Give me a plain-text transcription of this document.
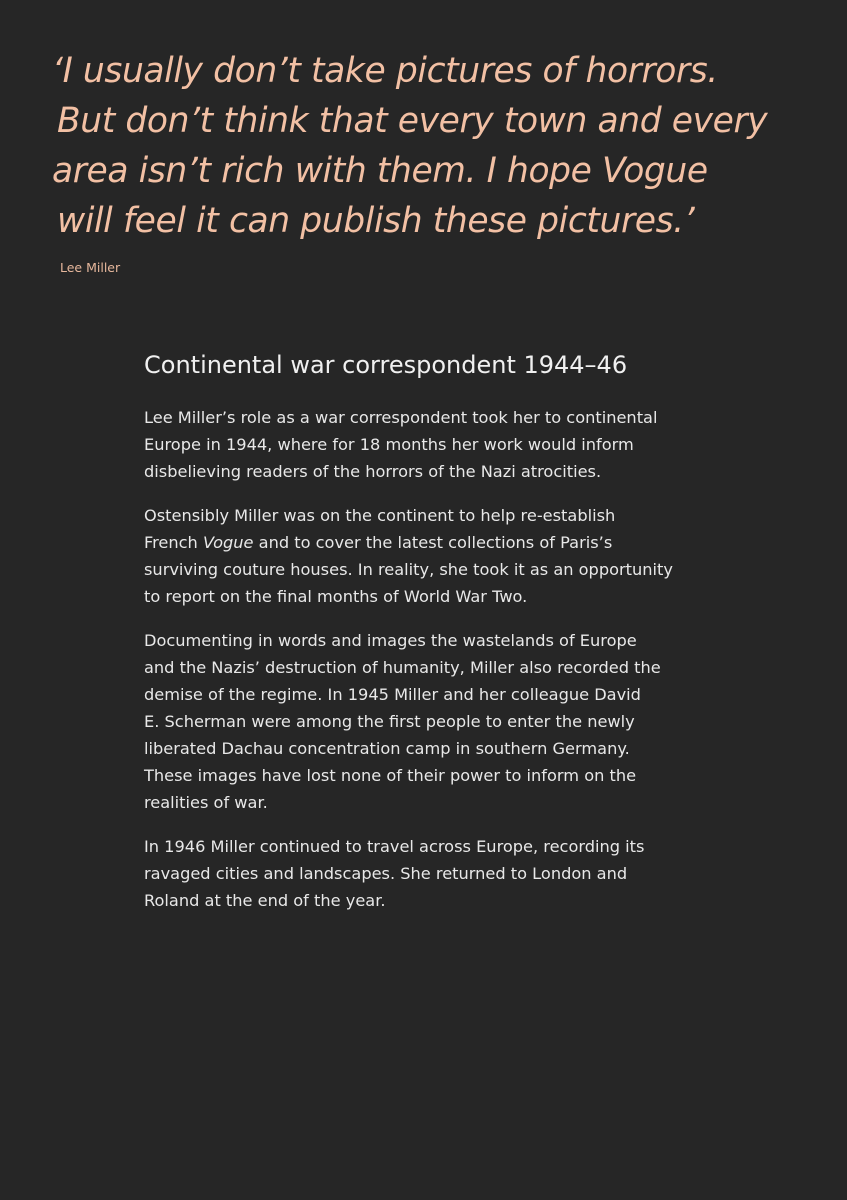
‘I usually don’t take pictures of horrors.
But don’t think that every town and every
area isn’t rich with them. I hope Vogue
will feel it can publish these pictures.’

Lee Miller
Continental war correspondent 1944–46

Lee Miller’s role as a war correspondent took her to continental
Europe in 1944, where for 18 months her work would inform
disbelieving readers of the horrors of the Nazi atrocities.

Ostensibly Miller was on the continent to help re-establish
French Vogue and to cover the latest collections of Paris’s
surviving couture houses. In reality, she took it as an opportunity
to report on the final months of World War Two.

Documenting in words and images the wastelands of Europe
and the Nazis’ destruction of humanity, Miller also recorded the
demise of the regime. In 1945 Miller and her colleague David
E. Scherman were among the first people to enter the newly
liberated Dachau concentration camp in southern Germany.
These images have lost none of their power to inform on the
realities of war.

In 1946 Miller continued to travel across Europe, recording its
ravaged cities and landscapes. She returned to London and
Roland at the end of the year.
